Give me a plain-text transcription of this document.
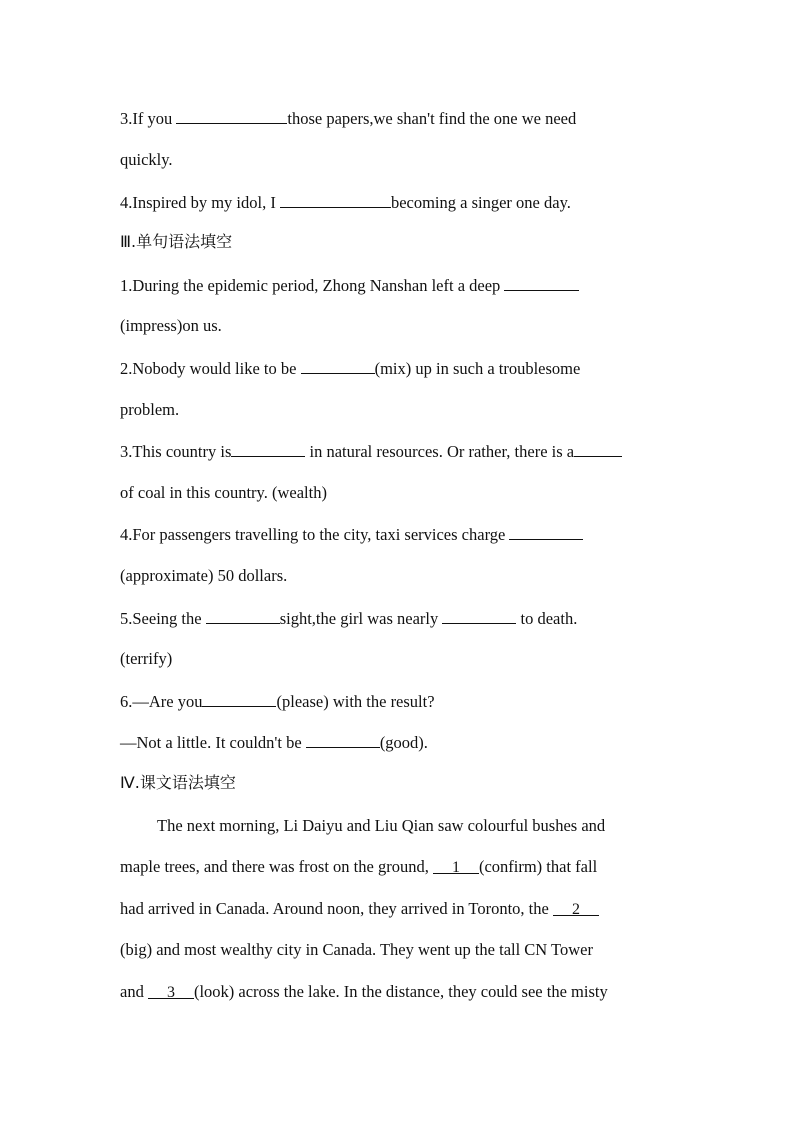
3.If you	those papers,we shan't find the one we need
quickly.
4.Inspired by my idol, I	becoming a singer one day.
Ⅲ.单句语法填空
1.During the epidemic period, Zhong Nanshan left a deep
(impress)on us.
2.Nobody would like to be	(mix) up in such a troublesome
problem.
3.This country is	in natural resources. Or rather, there is a
of coal in this country. (wealth)
4.For passengers travelling to the city, taxi services charge
(approximate) 50 dollars.
5.Seeing the	sight,the girl was nearly	to death.
(terrify)
6.—Are you	(please) with the result?
—Not a little. It couldn't be	(good).
Ⅳ.课文语法填空
The next morning, Li Daiyu and Liu Qian saw colourful bushes and
maple trees, and there was frost on the ground, 1 (confirm) that fall
had arrived in Canada. Around noon, they arrived in Toronto, the 2
(big) and most wealthy city in Canada. They went up the tall CN Tower
and 3 (look) across the lake. In the distance, they could see the misty
